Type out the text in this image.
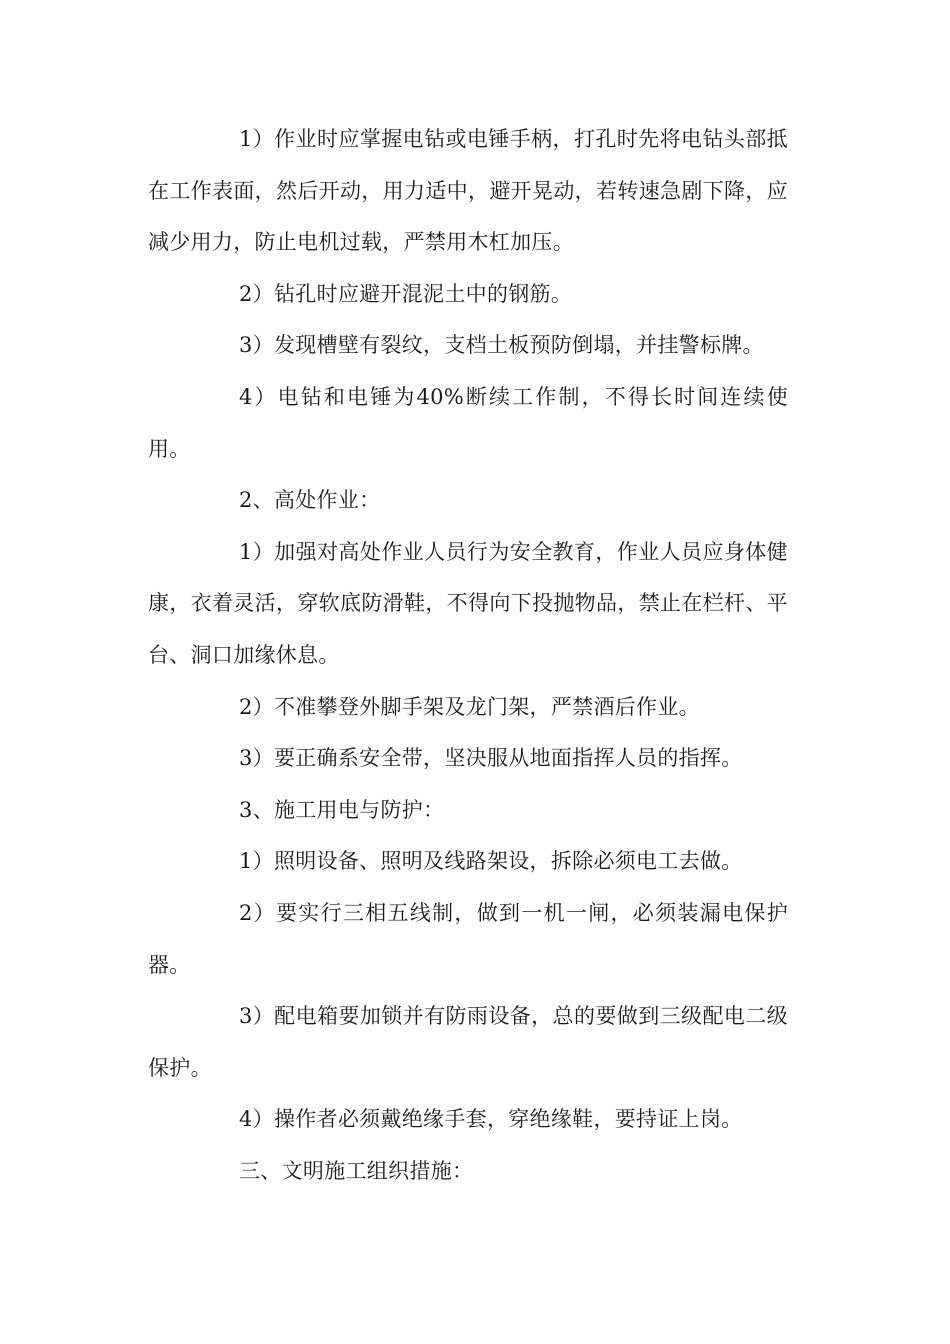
1）作业时应掌握电钻或电锤手柄，打孔时先将电钻头部抵在工作表面，然后开动，用力适中，避开晃动，若转速急剧下降，应减少用力，防止电机过载，严禁用木杠加压。

2）钻孔时应避开混泥土中的钢筋。

3）发现槽壁有裂纹，支档土板预防倒塌，并挂警标牌。

4）电钻和电锤为40%断续工作制，不得长时间连续使用。

2、高处作业：

1）加强对高处作业人员行为安全教育，作业人员应身体健康，衣着灵活，穿软底防滑鞋，不得向下投抛物品，禁止在栏杆、平台、洞口加缘休息。

2）不准攀登外脚手架及龙门架，严禁酒后作业。

3）要正确系安全带，坚决服从地面指挥人员的指挥。

3、施工用电与防护：

1）照明设备、照明及线路架设，拆除必须电工去做。

2）要实行三相五线制，做到一机一闸，必须装漏电保护器。

3）配电箱要加锁并有防雨设备，总的要做到三级配电二级保护。

4）操作者必须戴绝缘手套，穿绝缘鞋，要持证上岗。

三、文明施工组织措施：
